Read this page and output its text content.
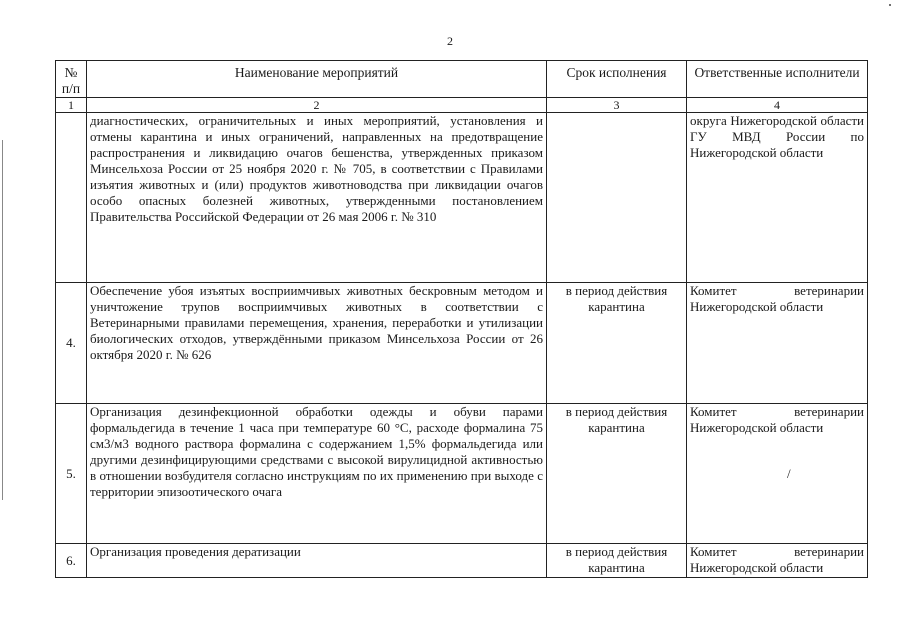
2
№ п/п	Наименование мероприятий	Срок исполнения	Ответственные исполнители
1	2	3	4
	диагностических, ограничительных и иных мероприятий, установления и отмены карантина и иных ограничений, направленных на предотвращение распространения и ликвидацию очагов бешенства, утвержденных приказом Минсельхоза России от 25 ноября 2020 г. № 705, в соответствии с Правилами изъятия животных и (или) продуктов животноводства при ликвидации очагов особо опасных болезней животных, утвержденными постановлением Правительства Российской Федерации от 26 мая 2006 г. № 310		округа Нижегородской области ГУ МВД России по Нижегородской области
4.	Обеспечение убоя изъятых восприимчивых животных бескровным методом и уничтожение трупов восприимчивых животных в соответствии с Ветеринарными правилами перемещения, хранения, переработки и утилизации биологических отходов, утверждёнными приказом Минсельхоза России от 26 октября 2020 г. № 626	в период действия карантина	Комитет ветеринарии Нижегородской области
5.	Организация дезинфекционной обработки одежды и обуви парами формальдегида в течение 1 часа при температуре 60 °С, расходе формалина 75 см3/м3 водного раствора формалина с содержанием 1,5% формальдегида или другими дезинфицирующими средствами с высокой вирулицидной активностью в отношении возбудителя согласно инструкциям по их применению при выходе с территории эпизоотического очага	в период действия карантина	Комитет ветеринарии Нижегородской области
6.	Организация проведения дератизации	в период действия карантина	Комитет ветеринарии Нижегородской области
/
